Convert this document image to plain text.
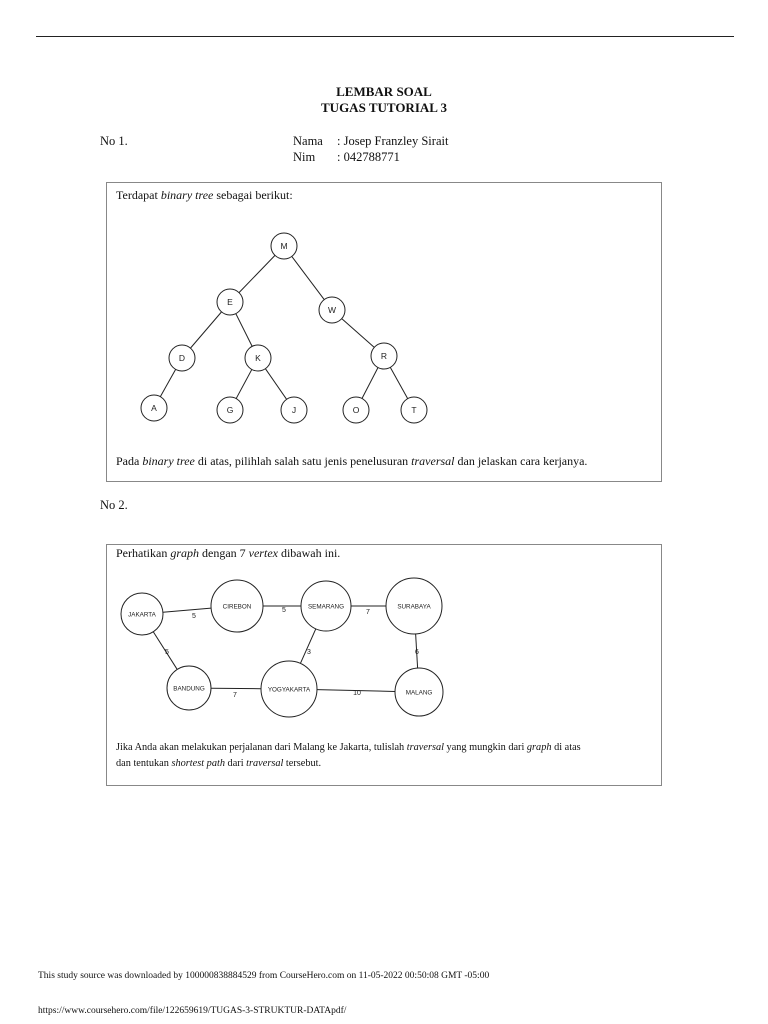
LEMBAR SOAL
TUGAS TUTORIAL 3
No 1.	Nama : Josep Franzley Sirait
Nim : 042788771
Terdapat binary tree sebagai berikut:
Pada binary tree di atas, pilihlah salah satu jenis penelusuran traversal dan jelaskan cara kerjanya.
M
E
W
D	K	R
A	G	J	O	T
No 2.
Perhatikan graph dengan 7 vertex dibawah ini.
Jika Anda akan melakukan perjalanan dari Malang ke Jakarta, tulislah traversal yang mungkin dari graph di atas
dan tentukan shortest path dari traversal tersebut.
5
5	7
5	3	6
7	10
JAKARTA
CIREBON	SEMARANG	SURABAYA
BANDUNG	YOGYAKARTA	MALANG
This study source was downloaded by 100000838884529 from CourseHero.com on 11-05-2022 00:50:08 GMT -05:00
https://www.coursehero.com/file/122659619/TUGAS-3-STRUKTUR-DATApdf/
